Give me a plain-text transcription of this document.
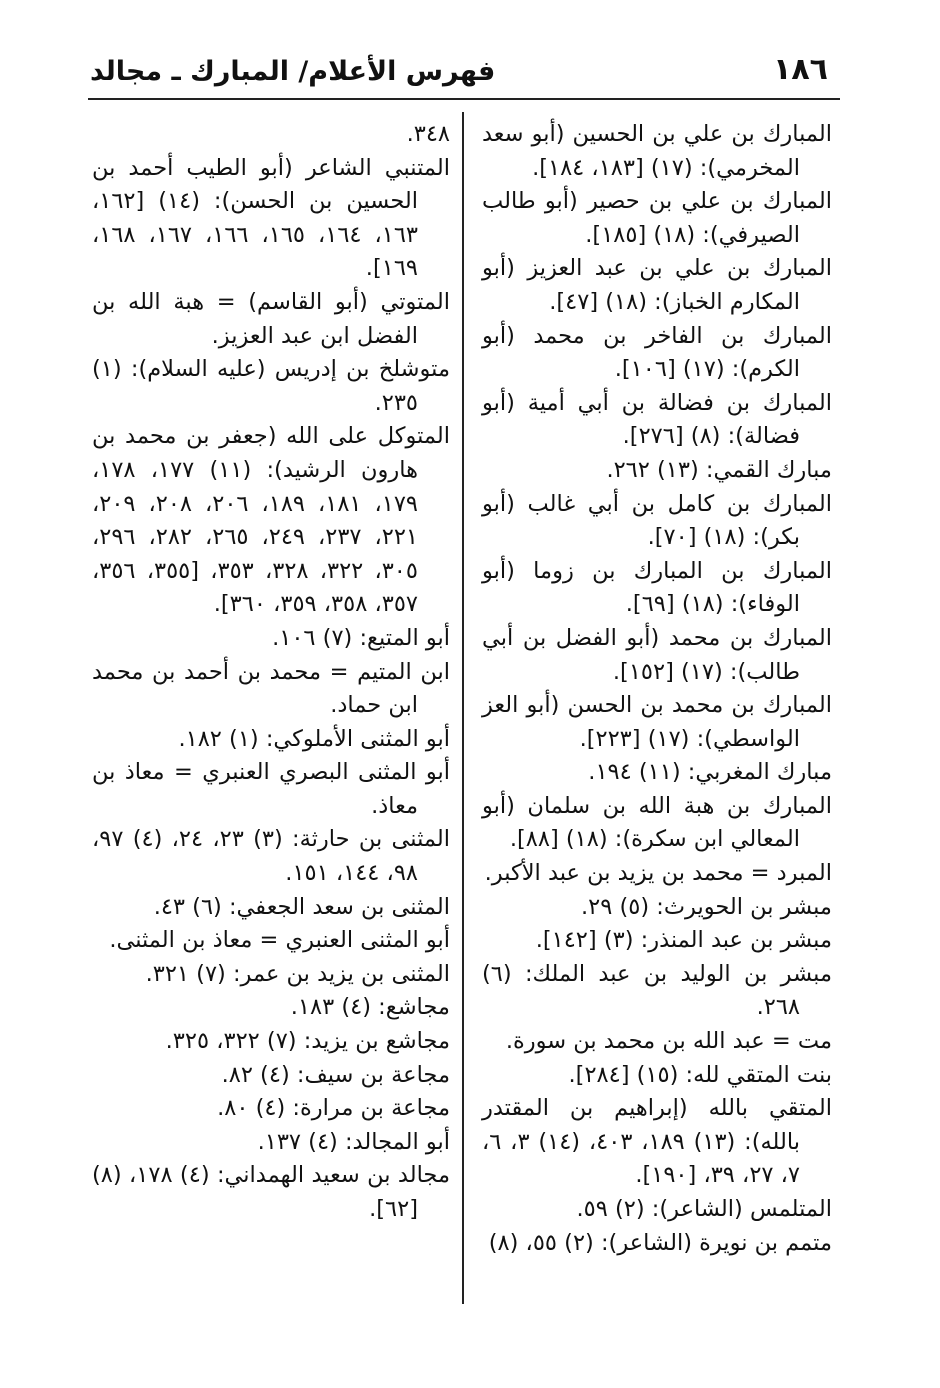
١٨٦
فهرس الأعلام/ المبارك ـ مجالد
المبارك بن علي بن الحسين (أبو سعد المخرمي): (١٧) [١٨٣، ١٨٤].
المبارك بن علي بن حصير (أبو طالب الصيرفي): (١٨) [١٨٥].
المبارك بن علي بن عبد العزيز (أبو المكارم الخباز): (١٨) [٤٧].
المبارك بن الفاخر بن محمد (أبو الكرم): (١٧) [١٠٦].
المبارك بن فضالة بن أبي أمية (أبو فضالة): (٨) [٢٧٦].
مبارك القمي: (١٣) ٢٦٢.
المبارك بن كامل بن أبي غالب (أبو بكر): (١٨) [٧٠].
المبارك بن المبارك بن زوما (أبو الوفاء): (١٨) [٦٩].
المبارك بن محمد (أبو الفضل بن أبي طالب): (١٧) [١٥٢].
المبارك بن محمد بن الحسن (أبو العز الواسطي): (١٧) [٢٢٣].
مبارك المغربي: (١١) ١٩٤.
المبارك بن هبة الله بن سلمان (أبو المعالي ابن سكرة): (١٨) [٨٨].
المبرد = محمد بن يزيد بن عبد الأكبر.
مبشر بن الحويرث: (٥) ٢٩.
مبشر بن عبد المنذر: (٣) [١٤٢].
مبشر بن الوليد بن عبد الملك: (٦) ٢٦٨.
مت = عبد الله بن محمد بن سورة.
بنت المتقي لله: (١٥) [٢٨٤].
المتقي بالله (إبراهيم بن المقتدر بالله): (١٣) ١٨٩، ٤٠٣، (١٤) ٣، ٦، ٧، ٢٧، ٣٩، [١٩٠].
المتلمس (الشاعر): (٢) ٥٩.
متمم بن نويرة (الشاعر): (٢) ٥٥، (٨)
٣٤٨.
المتنبي الشاعر (أبو الطيب أحمد بن الحسين بن الحسن): (١٤) [١٦٢، ١٦٣، ١٦٤، ١٦٥، ١٦٦، ١٦٧، ١٦٨، ١٦٩].
المتوتي (أبو القاسم) = هبة الله بن الفضل ابن عبد العزيز.
متوشلخ بن إدريس (عليه السلام): (١) ٢٣٥.
المتوكل على الله (جعفر بن محمد بن هارون الرشيد): (١١) ١٧٧، ١٧٨، ١٧٩، ١٨١، ١٨٩، ٢٠٦، ٢٠٨، ٢٠٩، ٢٢١، ٢٣٧، ٢٤٩، ٢٦٥، ٢٨٢، ٢٩٦، ٣٠٥، ٣٢٢، ٣٢٨، ٣٥٣، [٣٥٥، ٣٥٦، ٣٥٧، ٣٥٨، ٣٥٩، ٣٦٠].
أبو المتيع: (٧) ١٠٦.
ابن المتيم = محمد بن أحمد بن محمد ابن حماد.
أبو المثنى الأملوكي: (١) ١٨٢.
أبو المثنى البصري العنبري = معاذ بن معاذ.
المثنى بن حارثة: (٣) ٢٣، ٢٤، (٤) ٩٧، ٩٨، ١٤٤، ١٥١.
المثنى بن سعد الجعفي: (٦) ٤٣.
أبو المثنى العنبري = معاذ بن المثنى.
المثنى بن يزيد بن عمر: (٧) ٣٢١.
مجاشع: (٤) ١٨٣.
مجاشع بن يزيد: (٧) ٣٢٢، ٣٢٥.
مجاعة بن سيف: (٤) ٨٢.
مجاعة بن مرارة: (٤) ٨٠.
أبو المجالد: (٤) ١٣٧.
مجالد بن سعيد الهمداني: (٤) ١٧٨، (٨) [٦٢].
